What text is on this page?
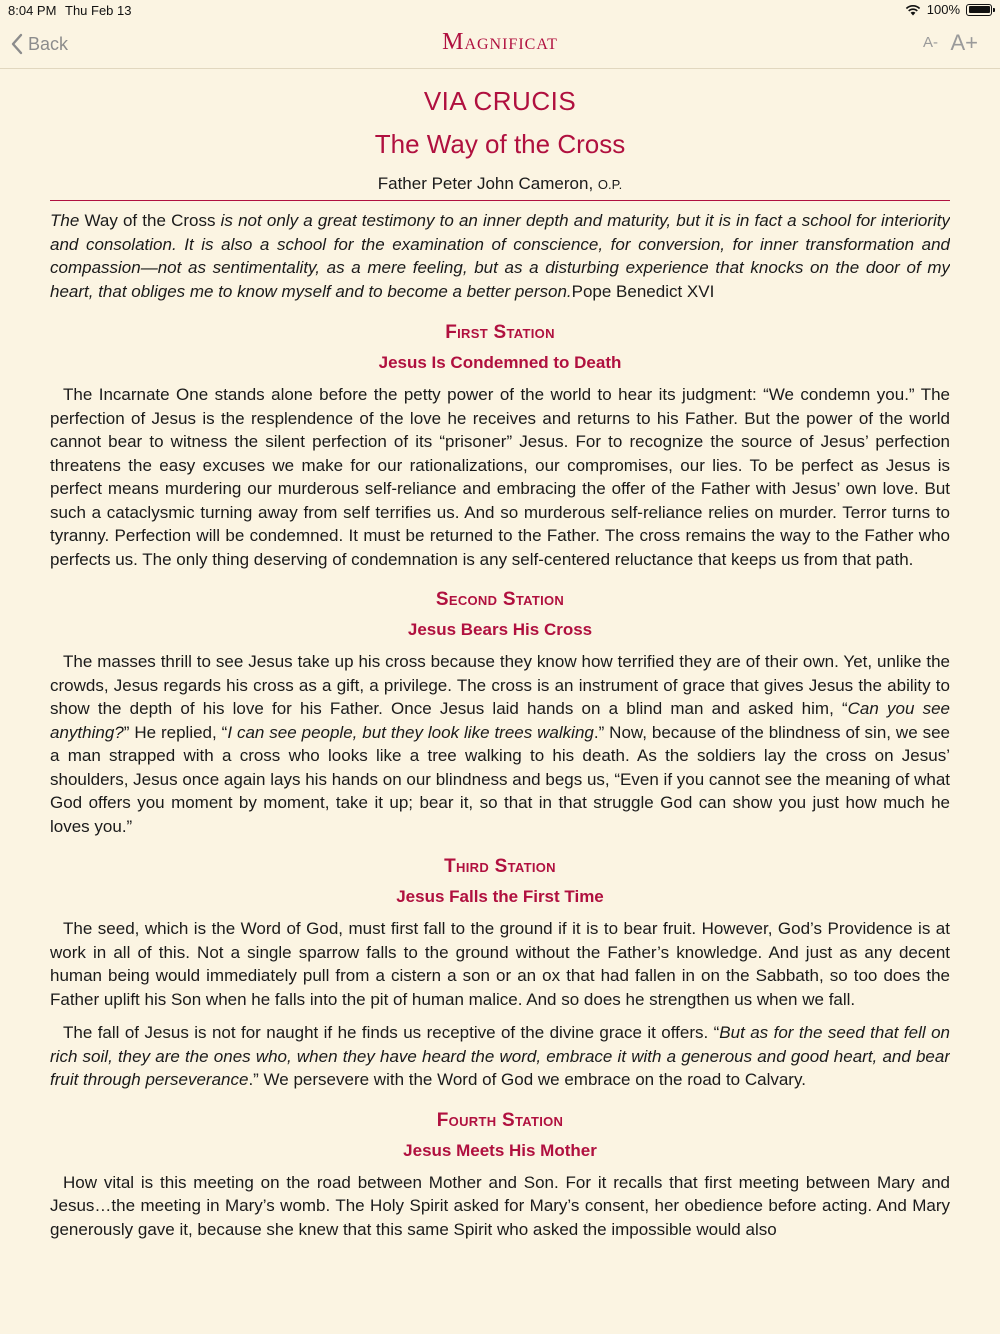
8:04 PM Thu Feb 13	100%
Back	MAGNIFICAT	A- A+
VIA CRUCIS
The Way of the Cross
Father Peter John Cameron, O.P.

The Way of the Cross is not only a great testimony to an inner depth and maturity, but it is in fact a school for interiority and consolation. It is also a school for the examination of conscience, for conversion, for inner transformation and compassion—not as sentimentality, as a mere feeling, but as a disturbing experience that knocks on the door of my heart, that obliges me to know myself and to become a better person.Pope Benedict XVI

First Station
Jesus Is Condemned to Death

The Incarnate One stands alone before the petty power of the world to hear its judgment: “We condemn you.” The perfection of Jesus is the resplendence of the love he receives and returns to his Father. But the power of the world cannot bear to witness the silent perfection of its “prisoner” Jesus. For to recognize the source of Jesus’ perfection threatens the easy excuses we make for our rationalizations, our compromises, our lies. To be perfect as Jesus is perfect means murdering our murderous self-reliance and embracing the offer of the Father with Jesus’ own love. But such a cataclysmic turning away from self terrifies us. And so murderous self-reliance relies on murder. Terror turns to tyranny. Perfection will be condemned. It must be returned to the Father. The cross remains the way to the Father who perfects us. The only thing deserving of condemnation is any self-centered reluctance that keeps us from that path.

Second Station
Jesus Bears His Cross

The masses thrill to see Jesus take up his cross because they know how terrified they are of their own. Yet, unlike the crowds, Jesus regards his cross as a gift, a privilege. The cross is an instrument of grace that gives Jesus the ability to show the depth of his love for his Father. Once Jesus laid hands on a blind man and asked him, “Can you see anything?” He replied, “I can see people, but they look like trees walking.” Now, because of the blindness of sin, we see a man strapped with a cross who looks like a tree walking to his death. As the soldiers lay the cross on Jesus’ shoulders, Jesus once again lays his hands on our blindness and begs us, “Even if you cannot see the meaning of what God offers you moment by moment, take it up; bear it, so that in that struggle God can show you just how much he loves you.”

Third Station
Jesus Falls the First Time

The seed, which is the Word of God, must first fall to the ground if it is to bear fruit. However, God’s Providence is at work in all of this. Not a single sparrow falls to the ground without the Father’s knowledge. And just as any decent human being would immediately pull from a cistern a son or an ox that had fallen in on the Sabbath, so too does the Father uplift his Son when he falls into the pit of human malice. And so does he strengthen us when we fall.

The fall of Jesus is not for naught if he finds us receptive of the divine grace it offers. “But as for the seed that fell on rich soil, they are the ones who, when they have heard the word, embrace it with a generous and good heart, and bear fruit through perseverance.” We persevere with the Word of God we embrace on the road to Calvary.

Fourth Station
Jesus Meets His Mother

How vital is this meeting on the road between Mother and Son. For it recalls that first meeting between Mary and Jesus…the meeting in Mary’s womb. The Holy Spirit asked for Mary’s consent, her obedience before acting. And Mary generously gave it, because she knew that this same Spirit who asked the impossible would also
